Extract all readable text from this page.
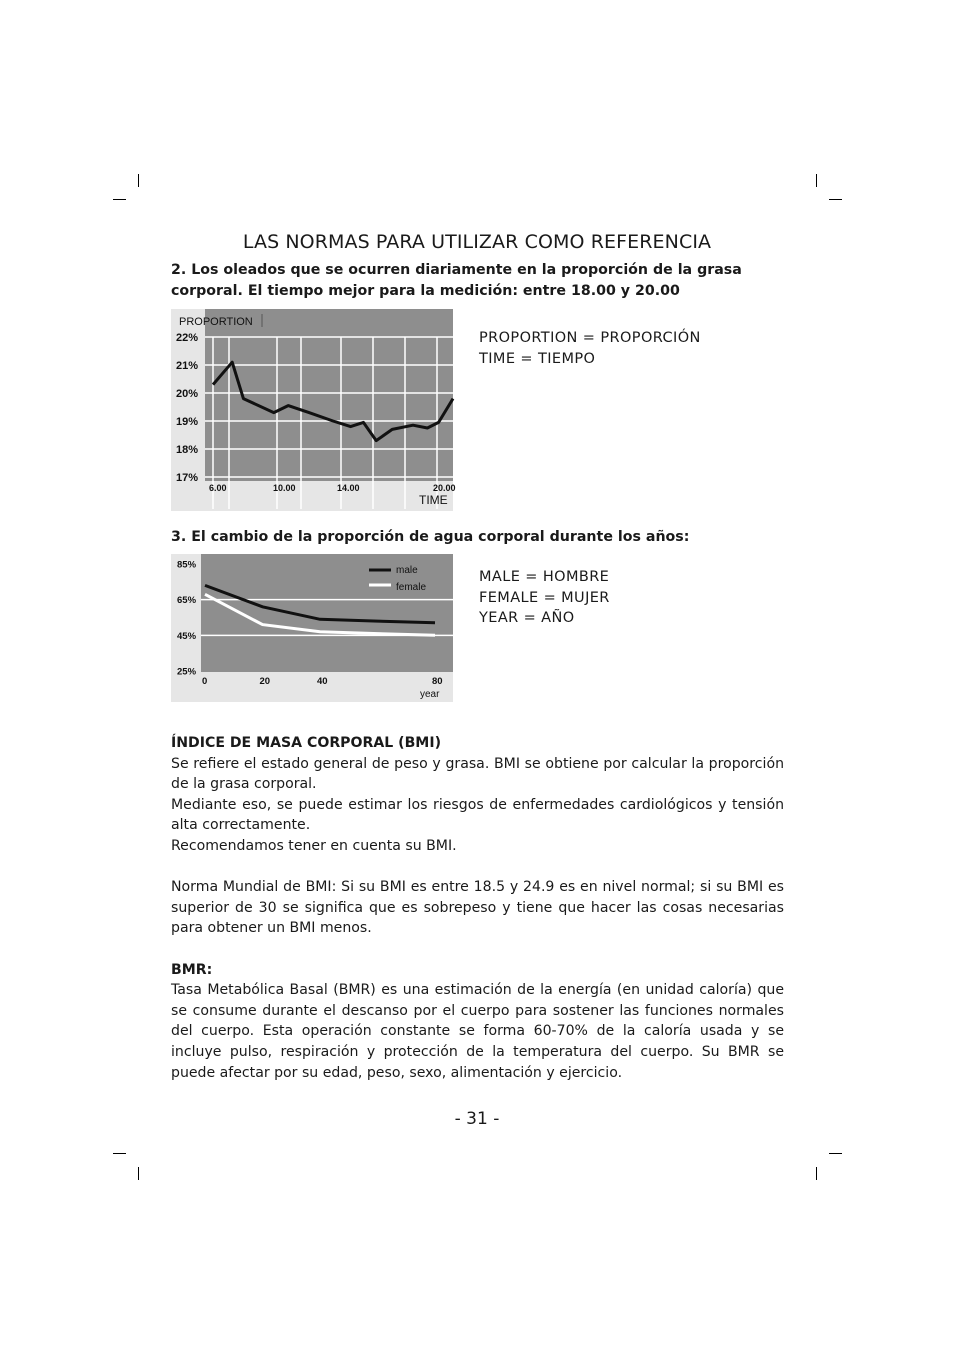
LAS NORMAS PARA UTILIZAR COMO REFERENCIA
2. Los oleados que se ocurren diariamente en la proporción de la grasa corporal. El tiempo mejor para la medición: entre 18.00 y 20.00
22%
21%
20%
19%
18%
17%
6.00	10.00	14.00	20.00
PROPORTION
TIME
PROPORTION = PROPORCIÓN
TIME = TIEMPO
3. El cambio de la proporción de agua corporal durante los años:
85%
65%
45%
25%
0	20	40	80
year
male
female
MALE = HOMBRE
FEMALE = MUJER
YEAR = AÑO

ÍNDICE DE MASA CORPORAL (BMI)

Se refiere el estado general de peso y grasa. BMI se obtiene por calcular la proporción de la grasa corporal.

Mediante eso, se puede estimar los riesgos de enfermedades cardiológicos y tensión alta correctamente.

Recomendamos tener en cuenta su BMI.

Norma Mundial de BMI: Si su BMI es entre 18.5 y 24.9 es en nivel normal; si su BMI es superior de 30 se significa que es sobrepeso y tiene que hacer las cosas necesarias para obtener un BMI menos.

BMR:

Tasa Metabólica Basal (BMR) es una estimación de la energía (en unidad caloría) que se consume durante el descanso por el cuerpo para sostener las funciones normales del cuerpo. Esta operación constante se forma 60-70% de la caloría usada y se incluye pulso, respiración y protección de la temperatura del cuerpo. Su BMR se puede afectar por su edad, peso, sexo, alimentación y ejercicio.

- 31 -
